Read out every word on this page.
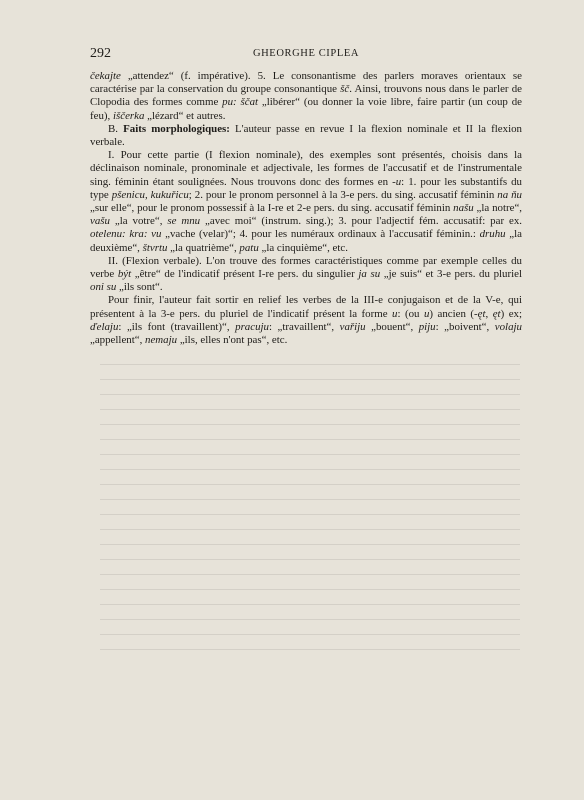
292	GHEORGHE CIPLEA

čekajte „attendez“ (f. impérative). 5. Le consonantisme des parlers moraves orientaux se caractérise par la conservation du groupe consonantique šč. Ainsi, trouvons nous dans le parler de Clopodia des formes comme pu: ščat „libérer“ (ou donner la voie libre, faire partir (un coup de feu), iščerka „lézard“ et autres.

B. Faits morphologiques: L'auteur passe en revue I la flexion nominale et II la flexion verbale.

I. Pour cette partie (I flexion nominale), des exemples sont présentés, choisis dans la déclinaison nominale, pronominale et adjectivale, les formes de l'accusatif et de l'instrumentale sing. féminin étant soulignées. Nous trouvons donc des formes en -u: 1. pour les substantifs du type pšenicu, kukuřicu; 2. pour le pronom personnel à la 3-e pers. du sing. accusatif féminin na ňu „sur elle“, pour le pronom possessif à la I-re et 2-e pers. du sing. accusatif féminin našu „la notre“, vašu „la votre“, se mnu „avec moi“ (instrum. sing.); 3. pour l'adjectif fém. accusatif: par ex. otelenu: kra: vu „vache (velar)“; 4. pour les numéraux ordinaux à l'accusatif féminin.: druhu „la deuxième“, štvrtu „la quatrième“, patu „la cinquième“, etc.

II. (Flexion verbale). L'on trouve des formes caractéristiques comme par exemple celles du verbe být „être“ de l'indicatif présent I-re pers. du singulier ja su „je suis“ et 3-e pers. du pluriel oni su „ils sont“.

Pour finir, l'auteur fait sortir en relief les verbes de la III-e conjugaison et de la V-e, qui présentent à la 3-e pers. du pluriel de l'indicatif présent la forme u: (ou u) ancien (-ęt, ęt) ex; ďelaju: „ils font (travaillent)“, pracuju: „travaillent“, vařiju „bouent“, piju: „boivent“, volaju „appellent“, nemaju „ils, elles n'ont pas“, etc.
